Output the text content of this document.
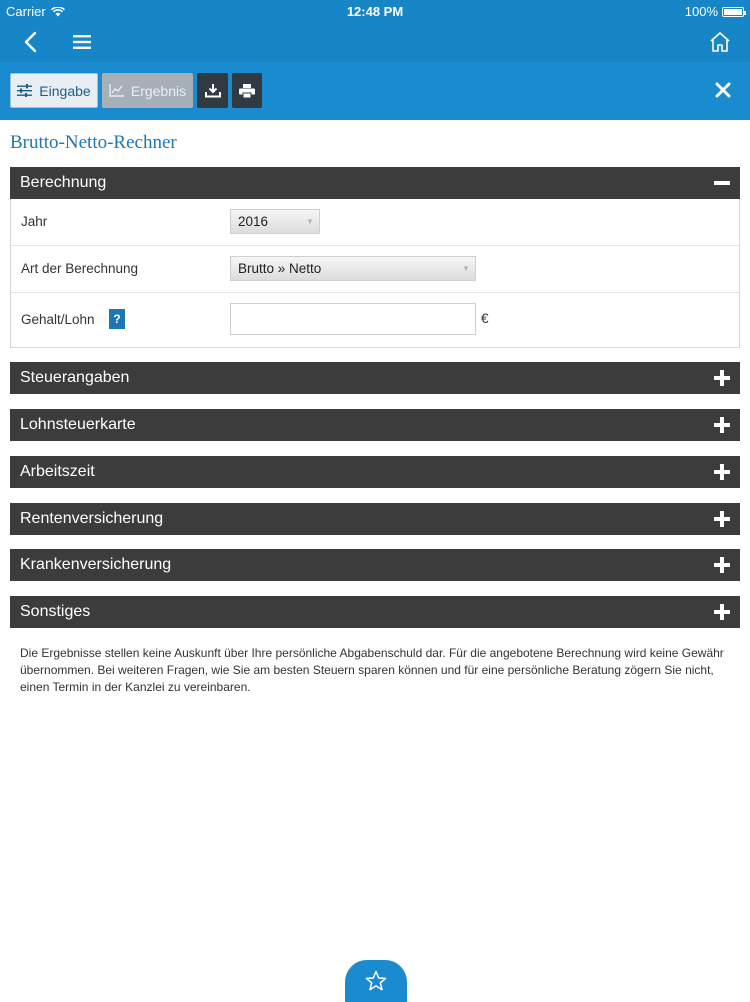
Carrier	12:48 PM	100%
Eingabe	Ergebnis
Brutto-Netto-Rechner
Berechnung
Jahr	2016	▼
Art der Berechnung	Brutto » Netto	▼
Gehalt/Lohn	?	€
Steuerangaben
Lohnsteuerkarte
Arbeitszeit
Rentenversicherung
Krankenversicherung
Sonstiges
Die Ergebnisse stellen keine Auskunft über Ihre persönliche Abgabenschuld dar. Für die angebotene Berechnung wird keine Gewähr übernommen. Bei weiteren Fragen, wie Sie am besten Steuern sparen können und für eine persönliche Beratung zögern Sie nicht, einen Termin in der Kanzlei zu vereinbaren.
